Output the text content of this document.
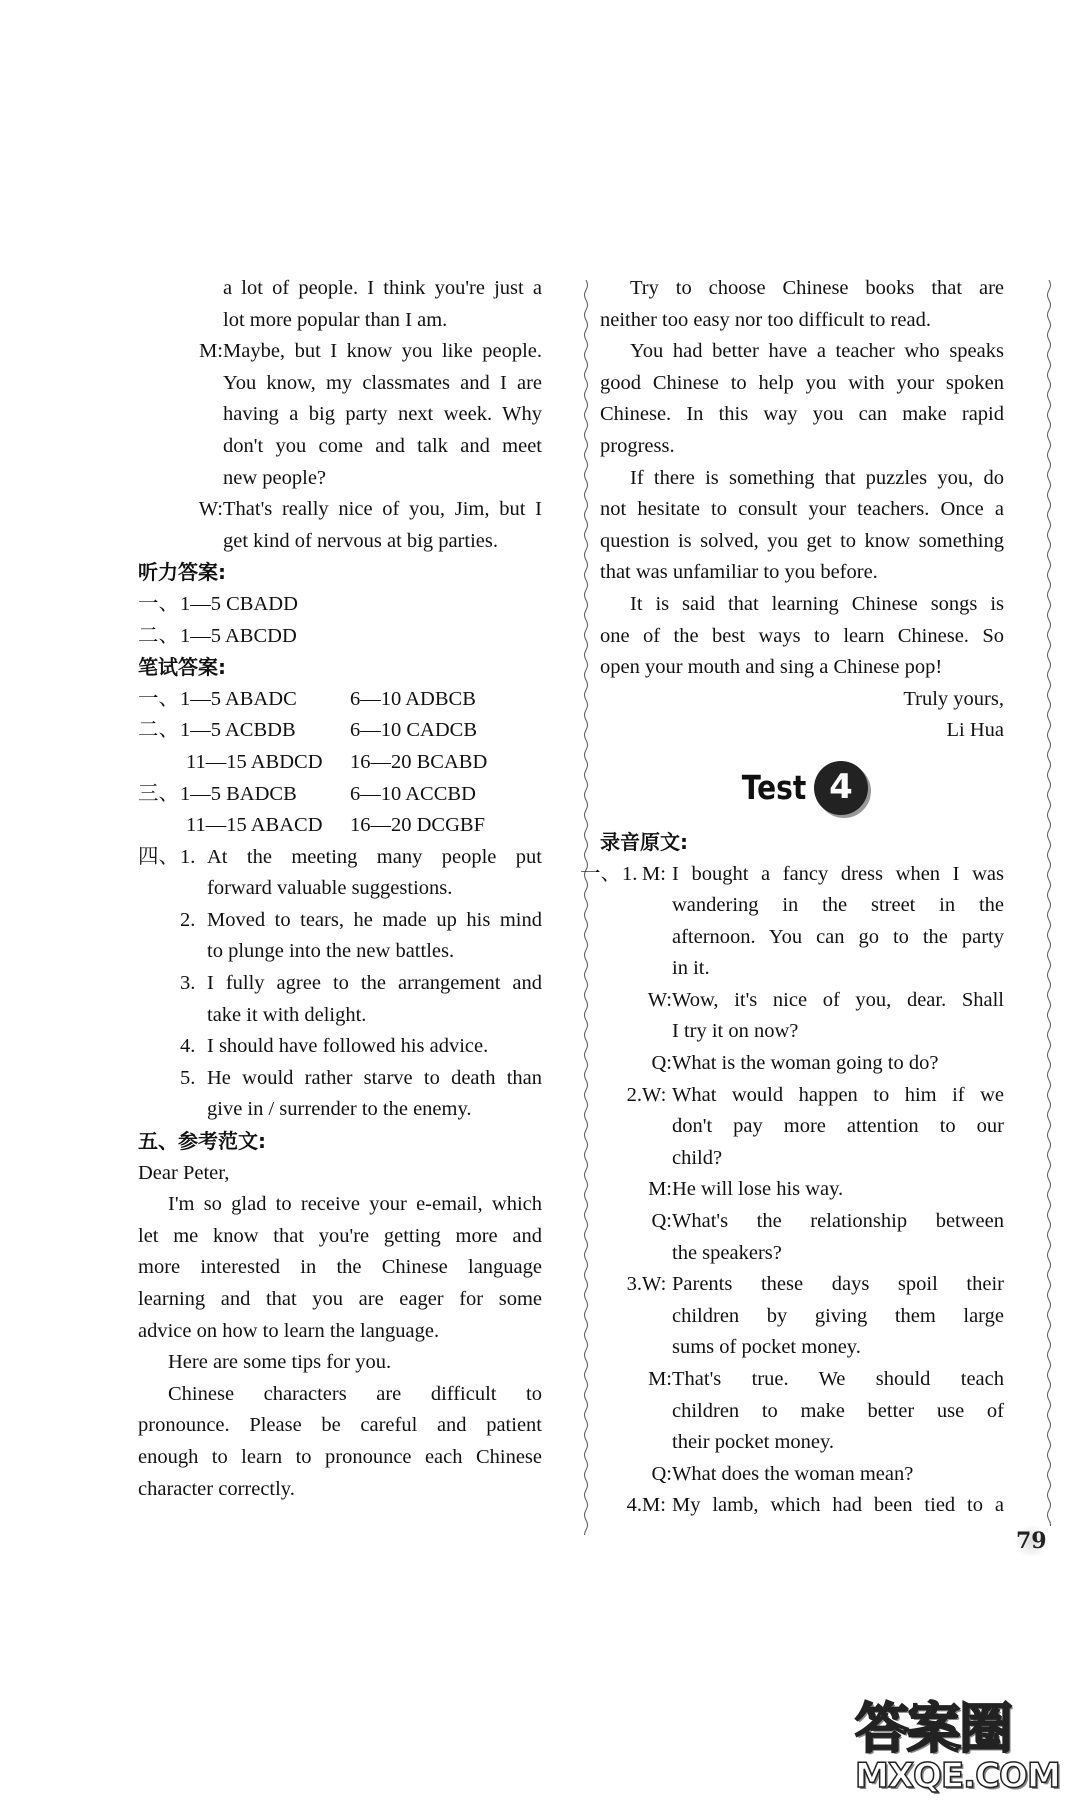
a lot of people. I think you're just a
lot more popular than I am.
M: Maybe, but I know you like people.
You know, my classmates and I are
having a big party next week. Why
don't you come and talk and meet
new people?
W: That's really nice of you, Jim, but I
get kind of nervous at big parties.
听力答案:
一、 1—5 CBADD
二、 1—5 ABCDD
笔试答案:
一、 1—5 ABADC	6—10 ADBCB
二、 1—5 ACBDB	6—10 CADCB
11—15 ABDCD	16—20 BCABD
三、 1—5 BADCB	6—10 ACCBD
11—15 ABACD	16—20 DCGBF
四、 1. At the meeting many people put
forward valuable suggestions.
2. Moved to tears, he made up his mind
to plunge into the new battles.
3. I fully agree to the arrangement and
take it with delight.
4. I should have followed his advice.
5. He would rather starve to death than
give in / surrender to the enemy.
五、参考范文:
Dear Peter,
I'm so glad to receive your e-email, which
let me know that you're getting more and
more interested in the Chinese language
learning and that you are eager for some
advice on how to learn the language.
Here are some tips for you.
Chinese characters are difficult to
pronounce. Please be careful and patient
enough to learn to pronounce each Chinese
character correctly.
Try to choose Chinese books that are
neither too easy nor too difficult to read.
You had better have a teacher who speaks
good Chinese to help you with your spoken
Chinese. In this way you can make rapid
progress.
If there is something that puzzles you, do
not hesitate to consult your teachers. Once a
question is solved, you get to know something
that was unfamiliar to you before.
It is said that learning Chinese songs is
one of the best ways to learn Chinese. So
open your mouth and sing a Chinese pop!
Truly yours,
Li Hua
Test 4
录音原文:
一、 1. M: I bought a fancy dress when I was
wandering in the street in the
afternoon. You can go to the party
in it.
W: Wow, it's nice of you, dear. Shall
I try it on now?
Q: What is the woman going to do?
2. W: What would happen to him if we
don't pay more attention to our
child?
M: He will lose his way.
Q: What's the relationship between
the speakers?
3. W: Parents these days spoil their
children by giving them large
sums of pocket money.
M: That's true. We should teach
children to make better use of
their pocket money.
Q: What does the woman mean?
4. M: My lamb, which had been tied to a
79
答案圈
MXQE.COM
